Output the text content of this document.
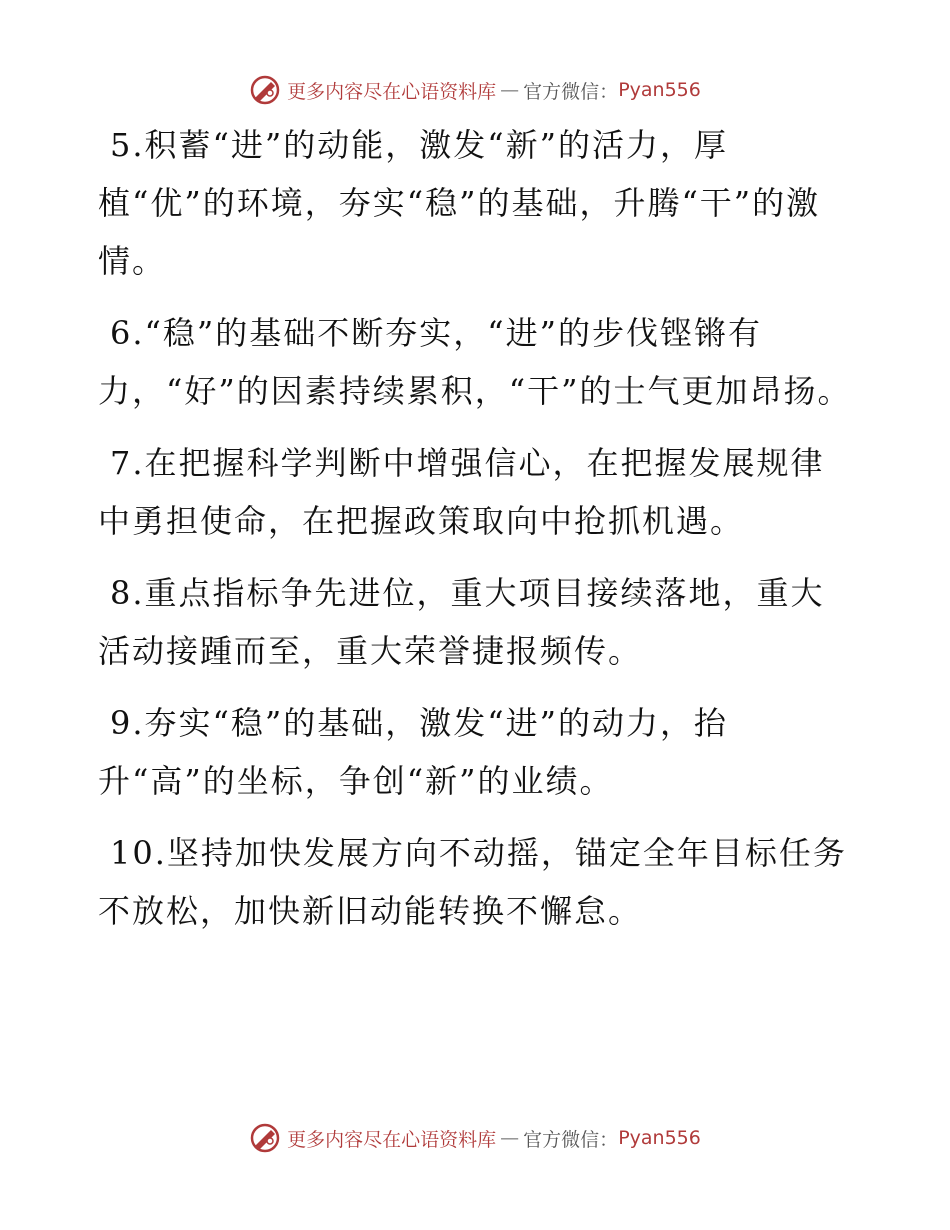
更多内容尽在心语资料库 — 官方微信： Pyan556

5.积蓄“进”的动能，激发“新”的活力，厚植“优”的环境，夯实“稳”的基础，升腾“干”的激情。

6.“稳”的基础不断夯实，“进”的步伐铿锵有力，“好”的因素持续累积，“干”的士气更加昂扬。

7.在把握科学判断中增强信心，在把握发展规律中勇担使命，在把握政策取向中抢抓机遇。

8.重点指标争先进位，重大项目接续落地，重大活动接踵而至，重大荣誉捷报频传。

9.夯实“稳”的基础，激发“进”的动力，抬升“高”的坐标，争创“新”的业绩。

10.坚持加快发展方向不动摇，锚定全年目标任务不放松，加快新旧动能转换不懈怠。

更多内容尽在心语资料库 — 官方微信： Pyan556
